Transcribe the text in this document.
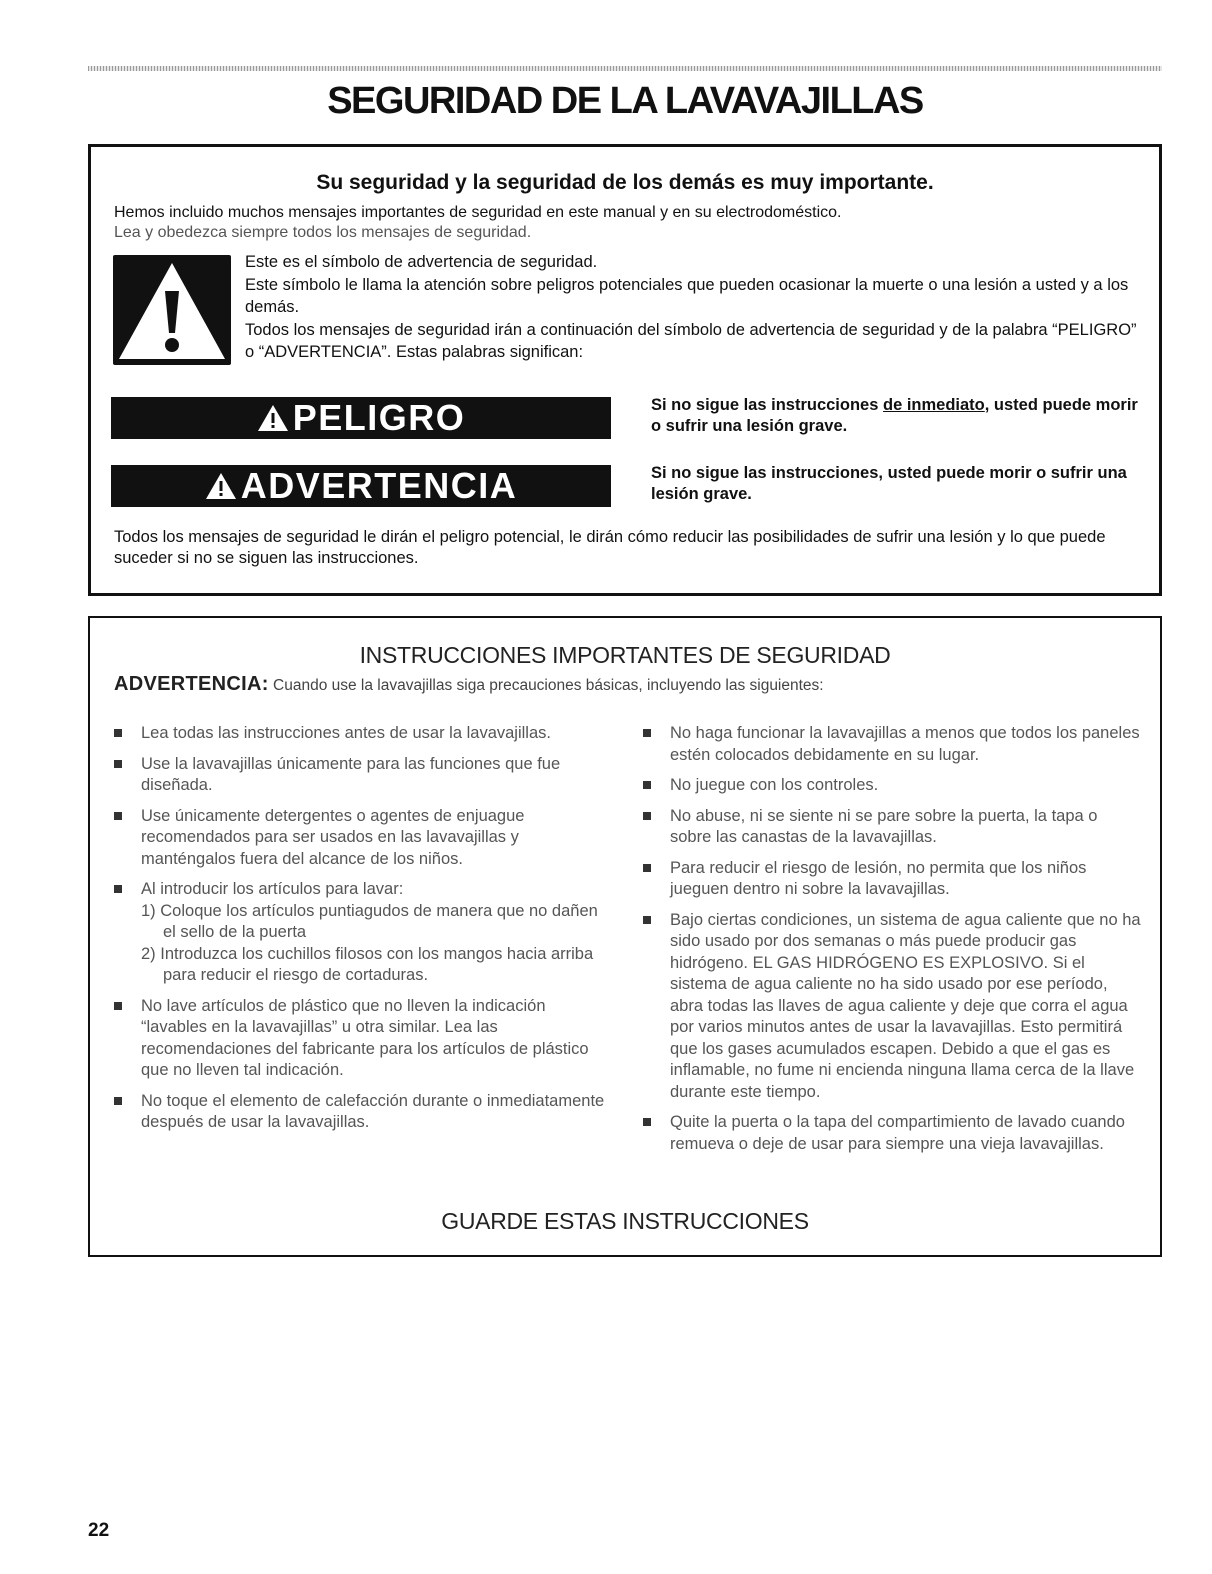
SEGURIDAD DE LA LAVAVAJILLAS
Su seguridad y la seguridad de los demás es muy importante.

Hemos incluido muchos mensajes importantes de seguridad en este manual y en su electrodoméstico.

Lea y obedezca siempre todos los mensajes de seguridad.

Este es el símbolo de advertencia de seguridad.

Este símbolo le llama la atención sobre peligros potenciales que pueden ocasionar la muerte o una lesión a usted y a los demás.

Todos los mensajes de seguridad irán a continuación del símbolo de advertencia de seguridad y de la palabra “PELIGRO” o “ADVERTENCIA”. Estas palabras significan:

PELIGRO	Si no sigue las instrucciones de inmediato, usted puede morir o sufrir una lesión grave.

ADVERTENCIA	Si no sigue las instrucciones, usted puede morir o sufrir una lesión grave.

Todos los mensajes de seguridad le dirán el peligro potencial, le dirán cómo reducir las posibilidades de sufrir una lesión y lo que puede suceder si no se siguen las instrucciones.

INSTRUCCIONES IMPORTANTES DE SEGURIDAD
ADVERTENCIA: Cuando use la lavavajillas siga precauciones básicas, incluyendo las siguientes:
Lea todas las instrucciones antes de usar la lavavajillas.
Use la lavavajillas únicamente para las funciones que fue diseñada.
Use únicamente detergentes o agentes de enjuague recomendados para ser usados en las lavavajillas y manténgalos fuera del alcance de los niños.
Al introducir los artículos para lavar:
1) Coloque los artículos puntiagudos de manera que no dañen el sello de la puerta
2) Introduzca los cuchillos filosos con los mangos hacia arriba para reducir el riesgo de cortaduras.
No lave artículos de plástico que no lleven la indicación “lavables en la lavavajillas” u otra similar. Lea las recomendaciones del fabricante para los artículos de plástico que no lleven tal indicación.
No toque el elemento de calefacción durante o inmediatamente después de usar la lavavajillas.
No haga funcionar la lavavajillas a menos que todos los paneles estén colocados debidamente en su lugar.
No juegue con los controles.
No abuse, ni se siente ni se pare sobre la puerta, la tapa o sobre las canastas de la lavavajillas.
Para reducir el riesgo de lesión, no permita que los niños jueguen dentro ni sobre la lavavajillas.
Bajo ciertas condiciones, un sistema de agua caliente que no ha sido usado por dos semanas o más puede producir gas hidrógeno. EL GAS HIDRÓGENO ES EXPLOSIVO. Si el sistema de agua caliente no ha sido usado por ese período, abra todas las llaves de agua caliente y deje que corra el agua por varios minutos antes de usar la lavavajillas. Esto permitirá que los gases acumulados escapen. Debido a que el gas es inflamable, no fume ni encienda ninguna llama cerca de la llave durante este tiempo.
Quite la puerta o la tapa del compartimiento de lavado cuando remueva o deje de usar para siempre una vieja lavavajillas.
GUARDE ESTAS INSTRUCCIONES
22
